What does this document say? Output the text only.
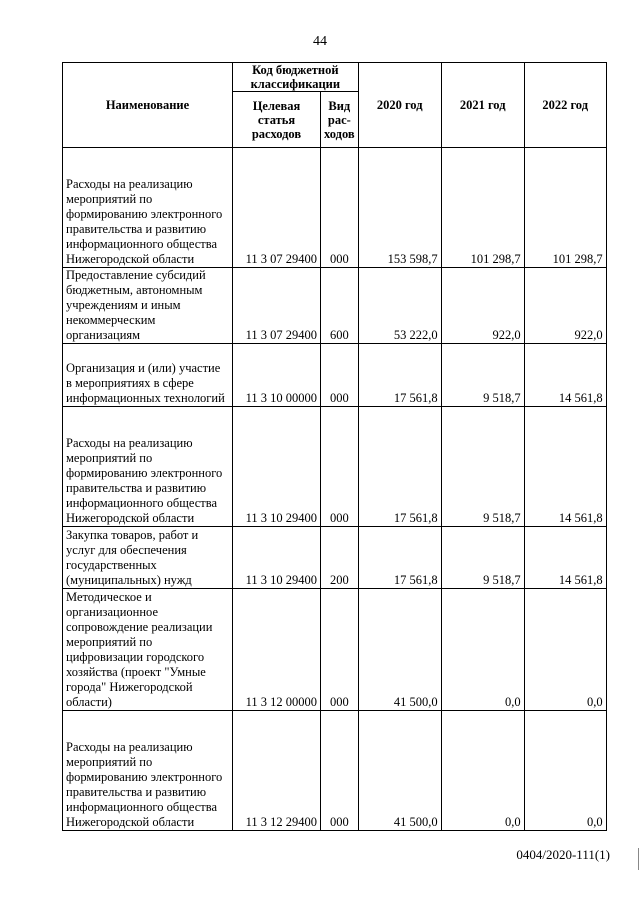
44
Наименование	Код бюджетной классификации		2020 год	2021 год	2022 год
	Целевая статья расходов	Вид рас-ходов			
Расходы на реализацию мероприятий по формированию электронного правительства и развитию информационного общества Нижегородской области	11 3 07 29400	000	153 598,7	101 298,7	101 298,7
Предоставление субсидий бюджетным, автономным учреждениям и иным некоммерческим организациям	11 3 07 29400	600	53 222,0	922,0	922,0
Организация и (или) участие в мероприятиях в сфере информационных технологий	11 3 10 00000	000	17 561,8	9 518,7	14 561,8
Расходы на реализацию мероприятий по формированию электронного правительства и развитию информационного общества Нижегородской области	11 3 10 29400	000	17 561,8	9 518,7	14 561,8
Закупка товаров, работ и услуг для обеспечения государственных (муниципальных) нужд	11 3 10 29400	200	17 561,8	9 518,7	14 561,8
Методическое и организационное сопровождение реализации мероприятий по цифровизации городского хозяйства (проект "Умные города" Нижегородской области)	11 3 12 00000	000	41 500,0	0,0	0,0
Расходы на реализацию мероприятий по формированию электронного правительства и развитию информационного общества Нижегородской области	11 3 12 29400	000	41 500,0	0,0	0,0
0404/2020-111(1)
